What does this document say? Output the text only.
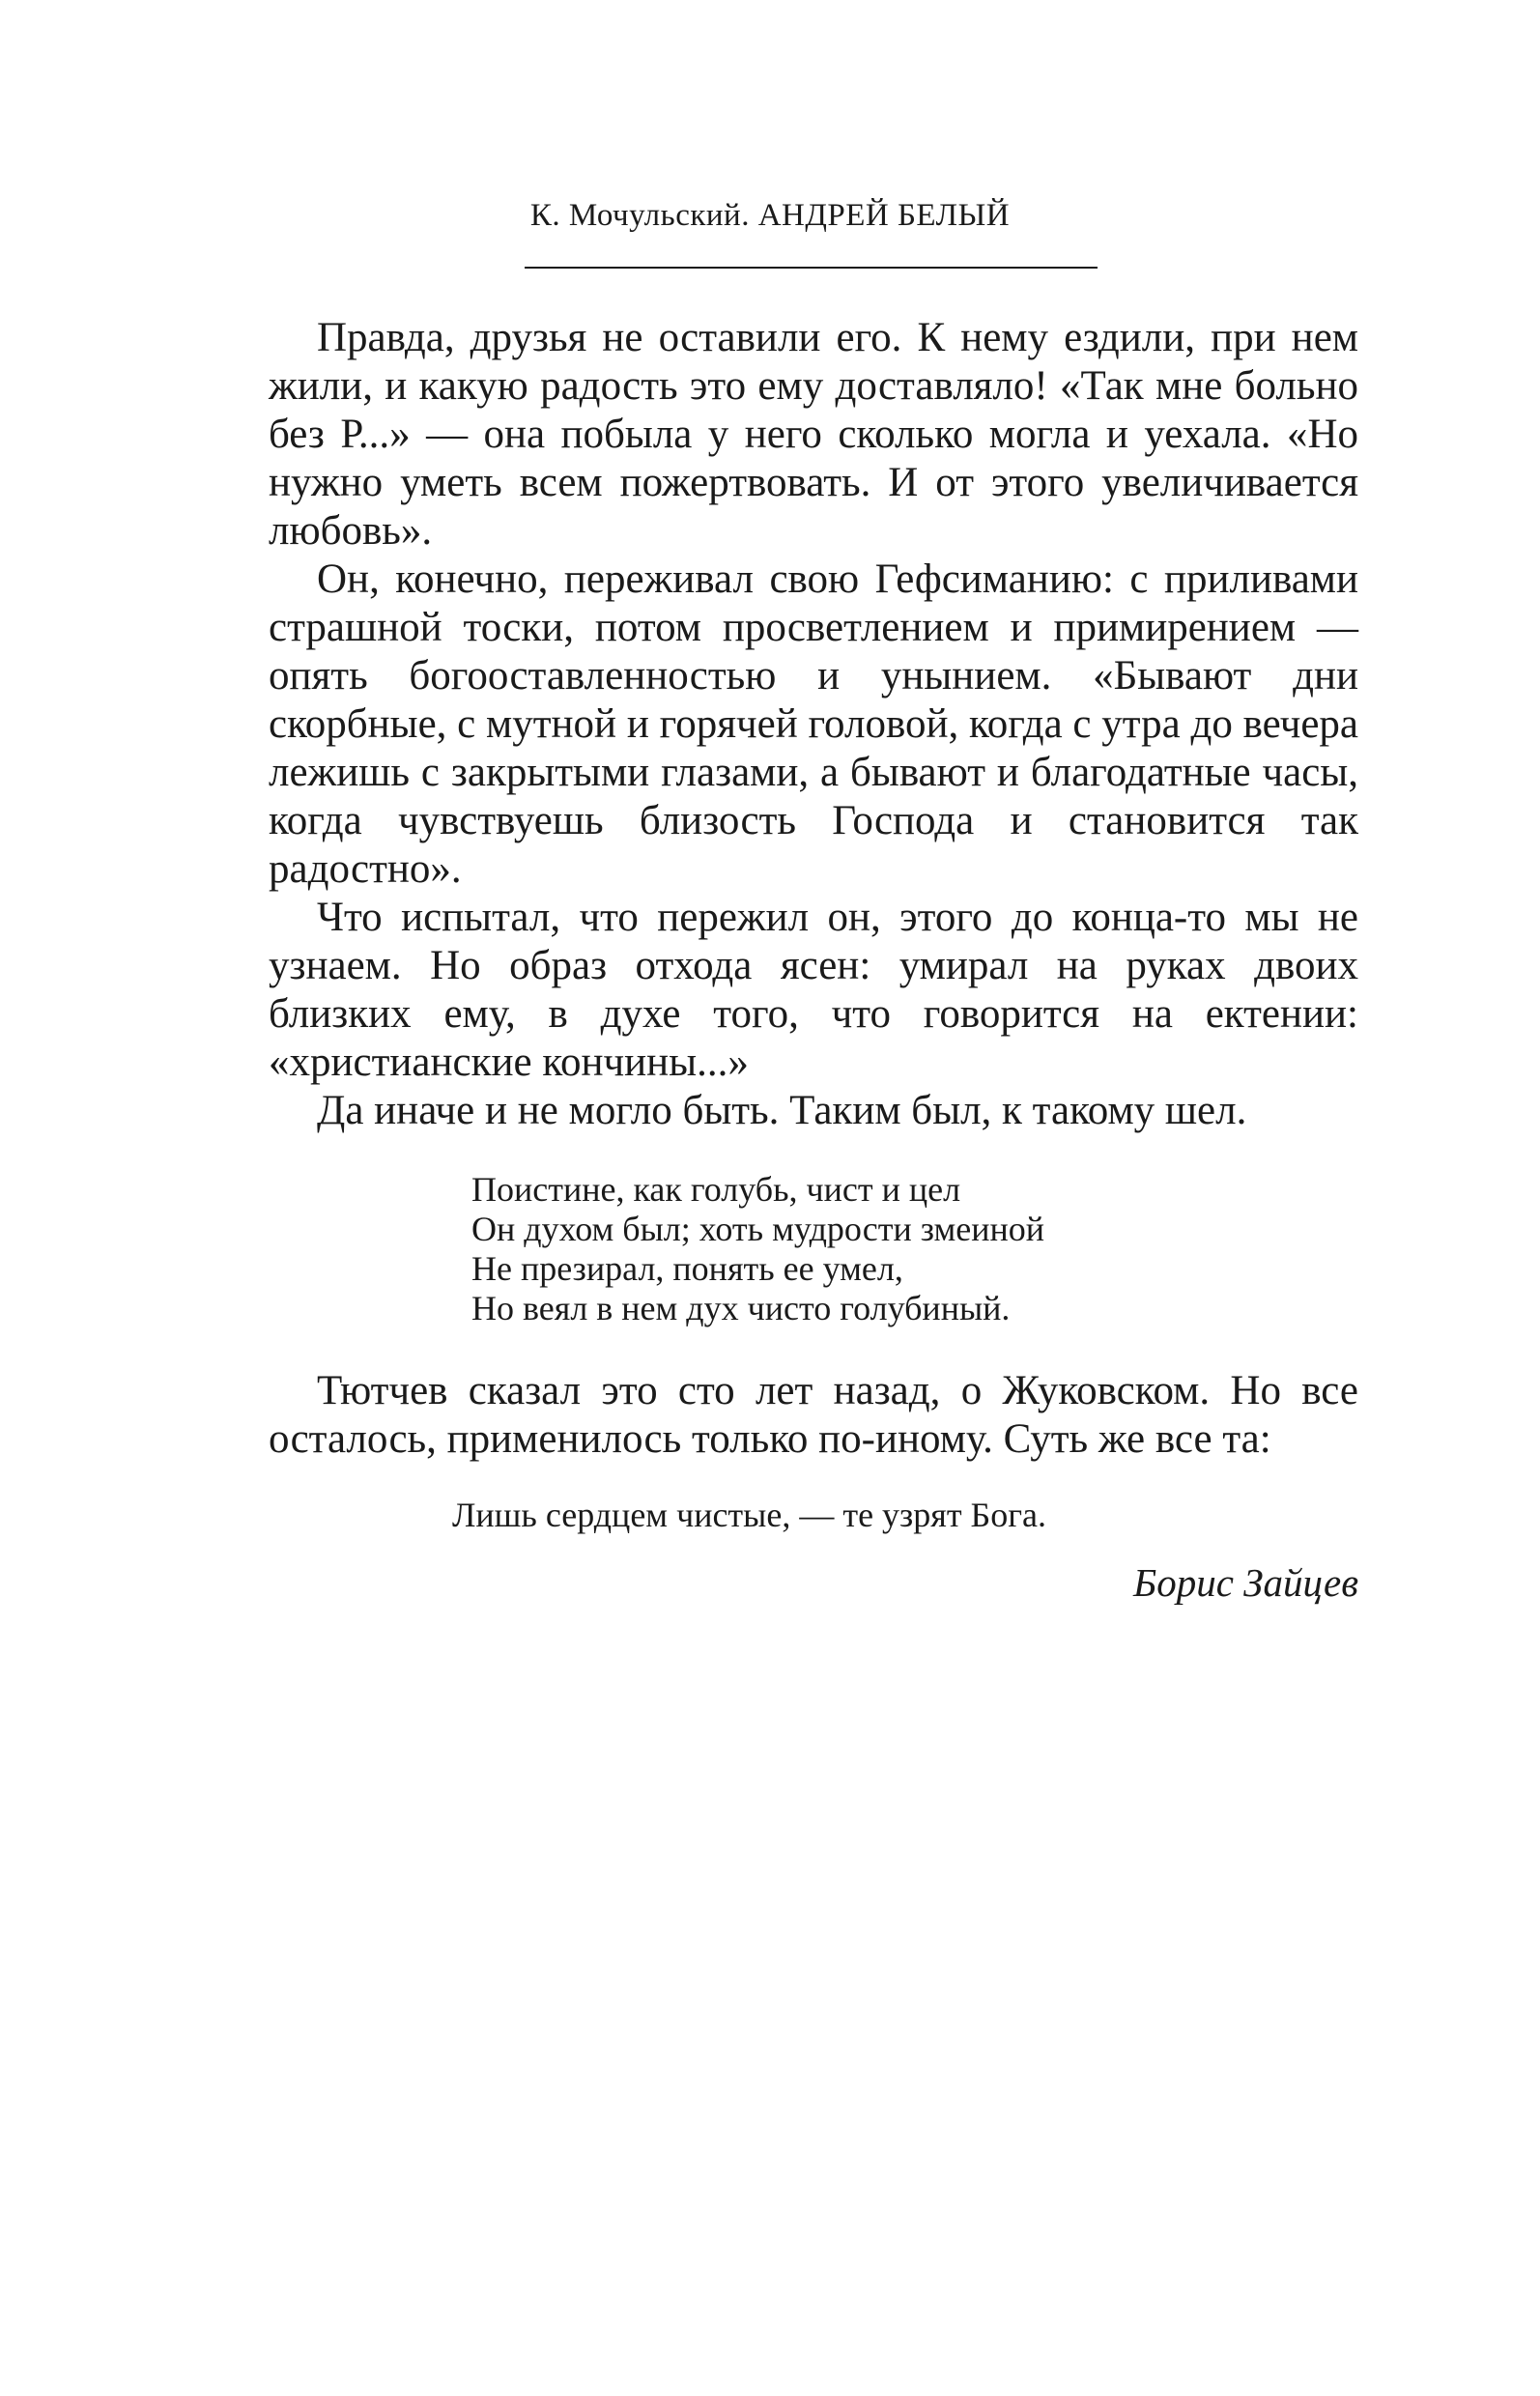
К. Мочульский. АНДРЕЙ БЕЛЫЙ

Правда, друзья не оставили его. К нему ездили, при нем жили, и какую радость это ему доставляло! «Так мне больно без Р...» — она побыла у него сколько могла и уехала. «Но нужно уметь всем пожертвовать. И от этого увеличивается любовь».

Он, конечно, переживал свою Гефсиманию: с приливами страшной тоски, потом просветлением и примирением — опять богооставленностью и унынием. «Бывают дни скорбные, с мутной и горячей головой, когда с утра до вечера лежишь с закрытыми глазами, а бывают и благодатные часы, когда чувствуешь близость Господа и становится так радостно».

Что испытал, что пережил он, этого до конца-то мы не узнаем. Но образ отхода ясен: умирал на руках двоих близких ему, в духе того, что говорится на ектении: «христианские кончины...»

Да иначе и не могло быть. Таким был, к такому шел.

Поистине, как голубь, чист и цел
Он духом был; хоть мудрости змеиной
Не презирал, понять ее умел,
Но веял в нем дух чисто голубиный.

Тютчев сказал это сто лет назад, о Жуковском. Но все осталось, применилось только по-иному. Суть же все та:

Лишь сердцем чистые, — те узрят Бога.
Борис Зайцев
